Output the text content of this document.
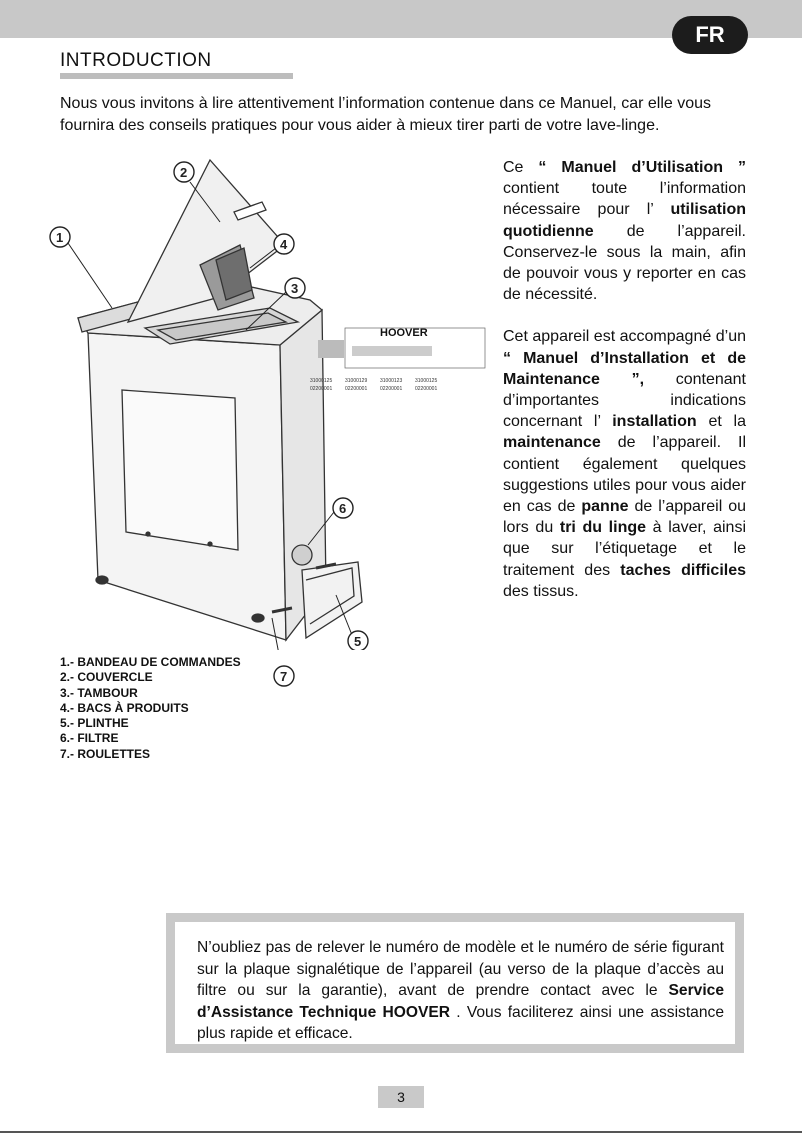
FR
INTRODUCTION

Nous vous invitons à lire attentivement l’information contenue dans ce Manuel, car elle vous fournira des conseils pratiques pour vous aider à mieux tirer parti de votre lave-linge.

HOOVER
31000125	31000129	31000123	31000125
02200001	02200001	02200001	02200001
1
2
4
3
6
5
7

Ce “ Manuel d’Utilisation ” contient toute l’information nécessaire pour l’ utilisation quotidienne de l’appareil. Conservez-le sous la main, afin de pouvoir vous y reporter en cas de nécessité.

Cet appareil est accompagné d’un “ Manuel d’Installation et de Maintenance ”, contenant d’importantes indications concernant l’ installation et la maintenance de l’appareil. Il contient également quelques suggestions utiles pour vous aider en cas de panne de l’appareil ou lors du tri du linge à laver, ainsi que sur l’étiquetage et le traitement des taches difficiles des tissus.

1.- BANDEAU DE COMMANDES
2.- COUVERCLE
3.- TAMBOUR
4.- BACS À PRODUITS
5.- PLINTHE
6.- FILTRE
7.- ROULETTES

N’oubliez pas de relever le numéro de modèle et le numéro de série figurant sur la plaque signalétique de l’appareil (au verso de la plaque d’accès au filtre ou sur la garantie), avant de prendre contact avec le Service d’Assistance Technique HOOVER . Vous faciliterez ainsi une assistance plus rapide et efficace.

3
